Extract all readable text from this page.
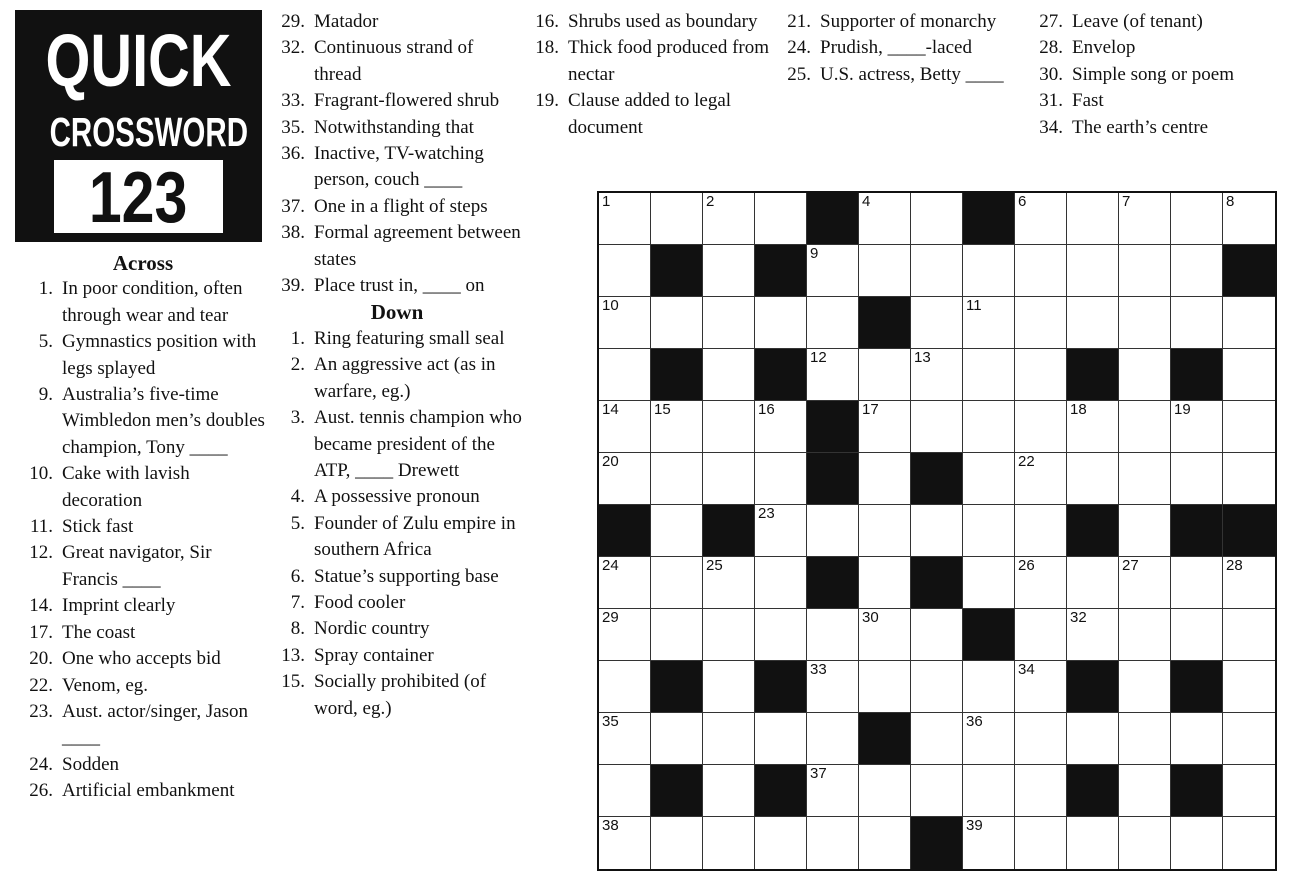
QUICK
CROSSWORD
123
Across
1. In poor condition, often through wear and tear
5. Gymnastics position with legs splayed
9. Australia’s five-time Wimbledon men’s doubles champion, Tony ____
10. Cake with lavish decoration
11. Stick fast
12. Great navigator, Sir Francis ____
14. Imprint clearly
17. The coast
20. One who accepts bid
22. Venom, eg.
23. Aust. actor/singer, Jason ____
24. Sodden
26. Artificial embankment
29. Matador
32. Continuous strand of thread
33. Fragrant-flowered shrub
35. Notwithstanding that
36. Inactive, TV-watching person, couch ____
37. One in a flight of steps
38. Formal agreement between states
39. Place trust in, ____ on
Down
1. Ring featuring small seal
2. An aggressive act (as in warfare, eg.)
3. Aust. tennis champion who became president of the ATP, ____ Drewett
4. A possessive pronoun
5. Founder of Zulu empire in southern Africa
6. Statue’s supporting base
7. Food cooler
8. Nordic country
13. Spray container
15. Socially prohibited (of word, eg.)
16. Shrubs used as boundary
18. Thick food produced from nectar
19. Clause added to legal document
21. Supporter of monarchy
24. Prudish, ____-laced
25. U.S. actress, Betty ____
27. Leave (of tenant)
28. Envelop
30. Simple song or poem
31. Fast
34. The earth’s centre
1	2	4	6	7	8
9
10	11
12	13
14 15	16	17	18	19
20	22
23
24	25	26	27	28
29	30	32
33	34
35	36
37
38	39
